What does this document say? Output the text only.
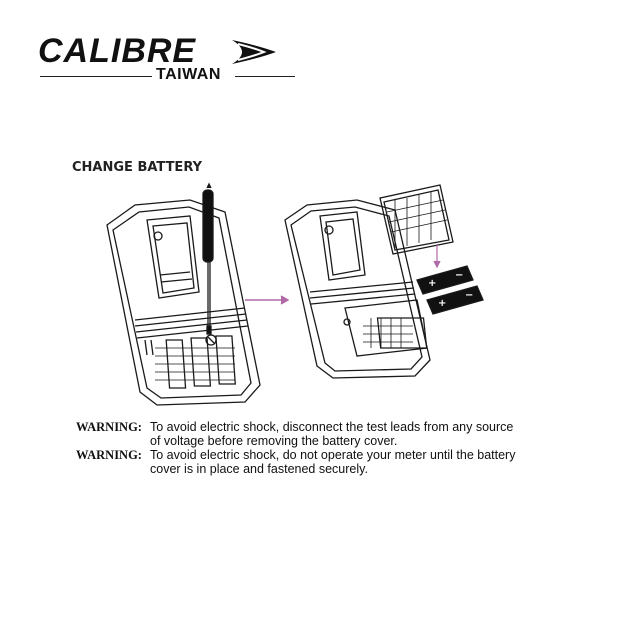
CALIBRE
TAIWAN
CHANGE BATTERY
+
−
+
−
WARNING: To avoid electric shock, disconnect the test leads from any source
of voltage before removing the battery cover.
WARNING: To avoid electric shock, do not operate your meter until the battery
cover is in place and fastened securely.
